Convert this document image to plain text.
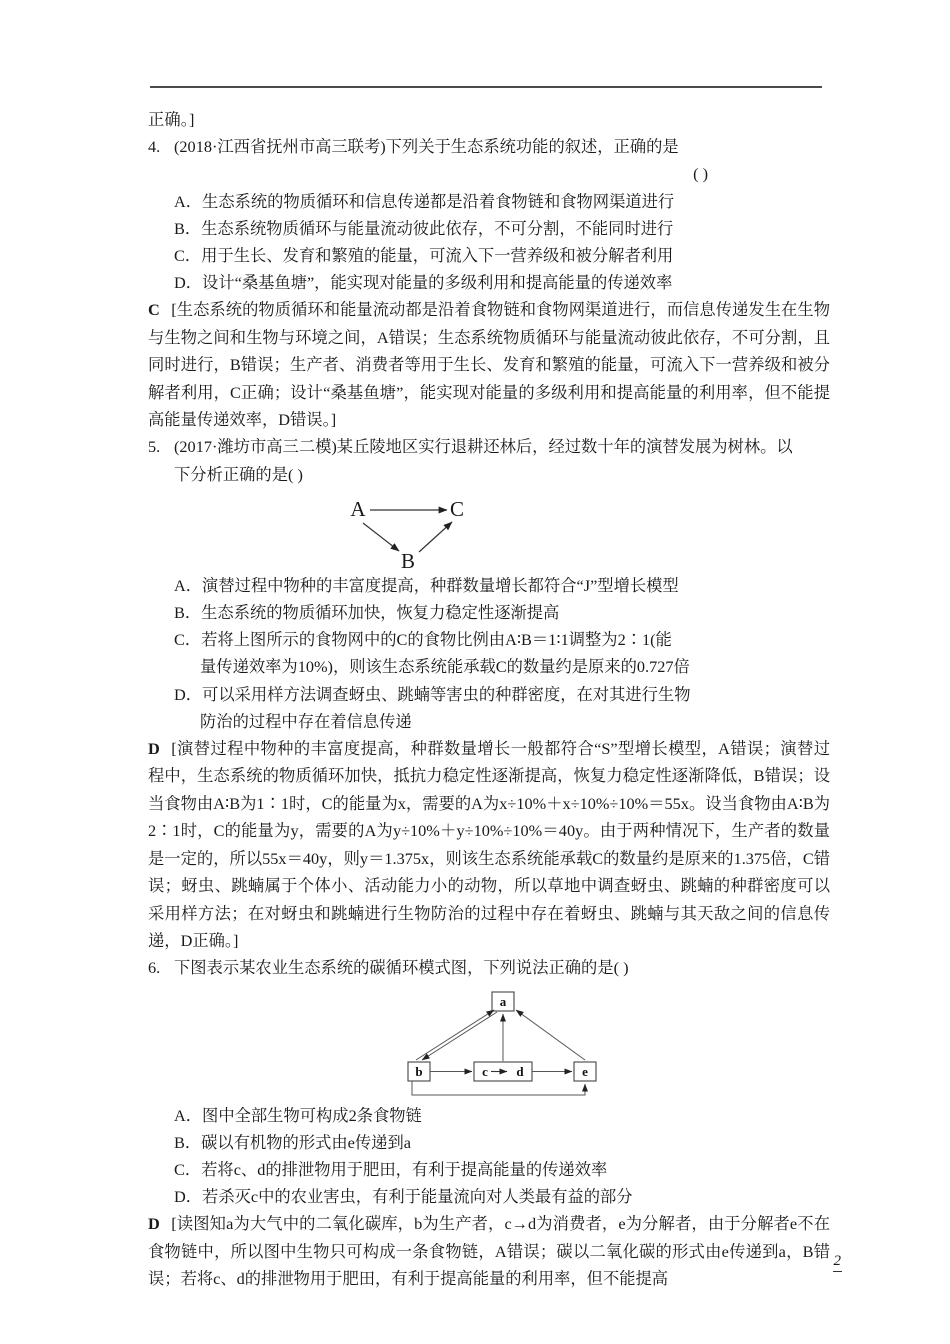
正确。]
4. (2018·江西省抚州市高三联考)下列关于生态系统功能的叙述，正确的是
( )
A．生态系统的物质循环和信息传递都是沿着食物链和食物网渠道进行
B．生态系统物质循环与能量流动彼此依存，不可分割，不能同时进行
C．用于生长、发育和繁殖的能量，可流入下一营养级和被分解者利用
D．设计“桑基鱼塘”，能实现对能量的多级利用和提高能量的传递效率
C [生态系统的物质循环和能量流动都是沿着食物链和食物网渠道进行，而信息传递发生在生物与生物之间和生物与环境之间，A错误；生态系统物质循环与能量流动彼此依存，不可分割，且同时进行，B错误；生产者、消费者等用于生长、发育和繁殖的能量，可流入下一营养级和被分解者利用，C正确；设计“桑基鱼塘”，能实现对能量的多级利用和提高能量的利用率，但不能提高能量传递效率，D错误。]
5. (2017·潍坊市高三二模)某丘陵地区实行退耕还林后，经过数十年的演替发展为树林。以
下分析正确的是( )
A	C
B
A．演替过程中物种的丰富度提高，种群数量增长都符合“J”型增长模型
B．生态系统的物质循环加快，恢复力稳定性逐渐提高
C．若将上图所示的食物网中的C的食物比例由A∶B＝1∶1调整为2∶1(能
量传递效率为10%)，则该生态系统能承载C的数量约是原来的0.727倍
D．可以采用样方法调查蚜虫、跳蝻等害虫的种群密度，在对其进行生物
防治的过程中存在着信息传递
D [演替过程中物种的丰富度提高，种群数量增长一般都符合“S”型增长模型，A错误；演替过程中，生态系统的物质循环加快，抵抗力稳定性逐渐提高，恢复力稳定性逐渐降低，B错误；设当食物由A∶B为1∶1时，C的能量为x，需要的A为x÷10%＋x÷10%÷10%＝55x。设当食物由A∶B为2∶1时，C的能量为y，需要的A为y÷10%＋y÷10%÷10%＝40y。由于两种情况下，生产者的数量是一定的，所以55x＝40y，则y＝1.375x，则该生态系统能承载C的数量约是原来的1.375倍，C错误；蚜虫、跳蝻属于个体小、活动能力小的动物，所以草地中调查蚜虫、跳蝻的种群密度可以采用样方法；在对蚜虫和跳蝻进行生物防治的过程中存在着蚜虫、跳蝻与其天敌之间的信息传递，D正确。]
6. 下图表示某农业生态系统的碳循环模式图，下列说法正确的是( )
a
b	c d	e
A．图中全部生物可构成2条食物链
B．碳以有机物的形式由e传递到a
C．若将c、d的排泄物用于肥田，有利于提高能量的传递效率
D．若杀灭c中的农业害虫，有利于能量流向对人类最有益的部分
D [读图知a为大气中的二氧化碳库，b为生产者，c→d为消费者，e为分解者，由于分解者e不在食物链中，所以图中生物只可构成一条食物链，A错误；碳以二氧化碳的形式由e传递到a，B错误；若将c、d的排泄物用于肥田，有利于提高能量的利用率，但不能提高
2
